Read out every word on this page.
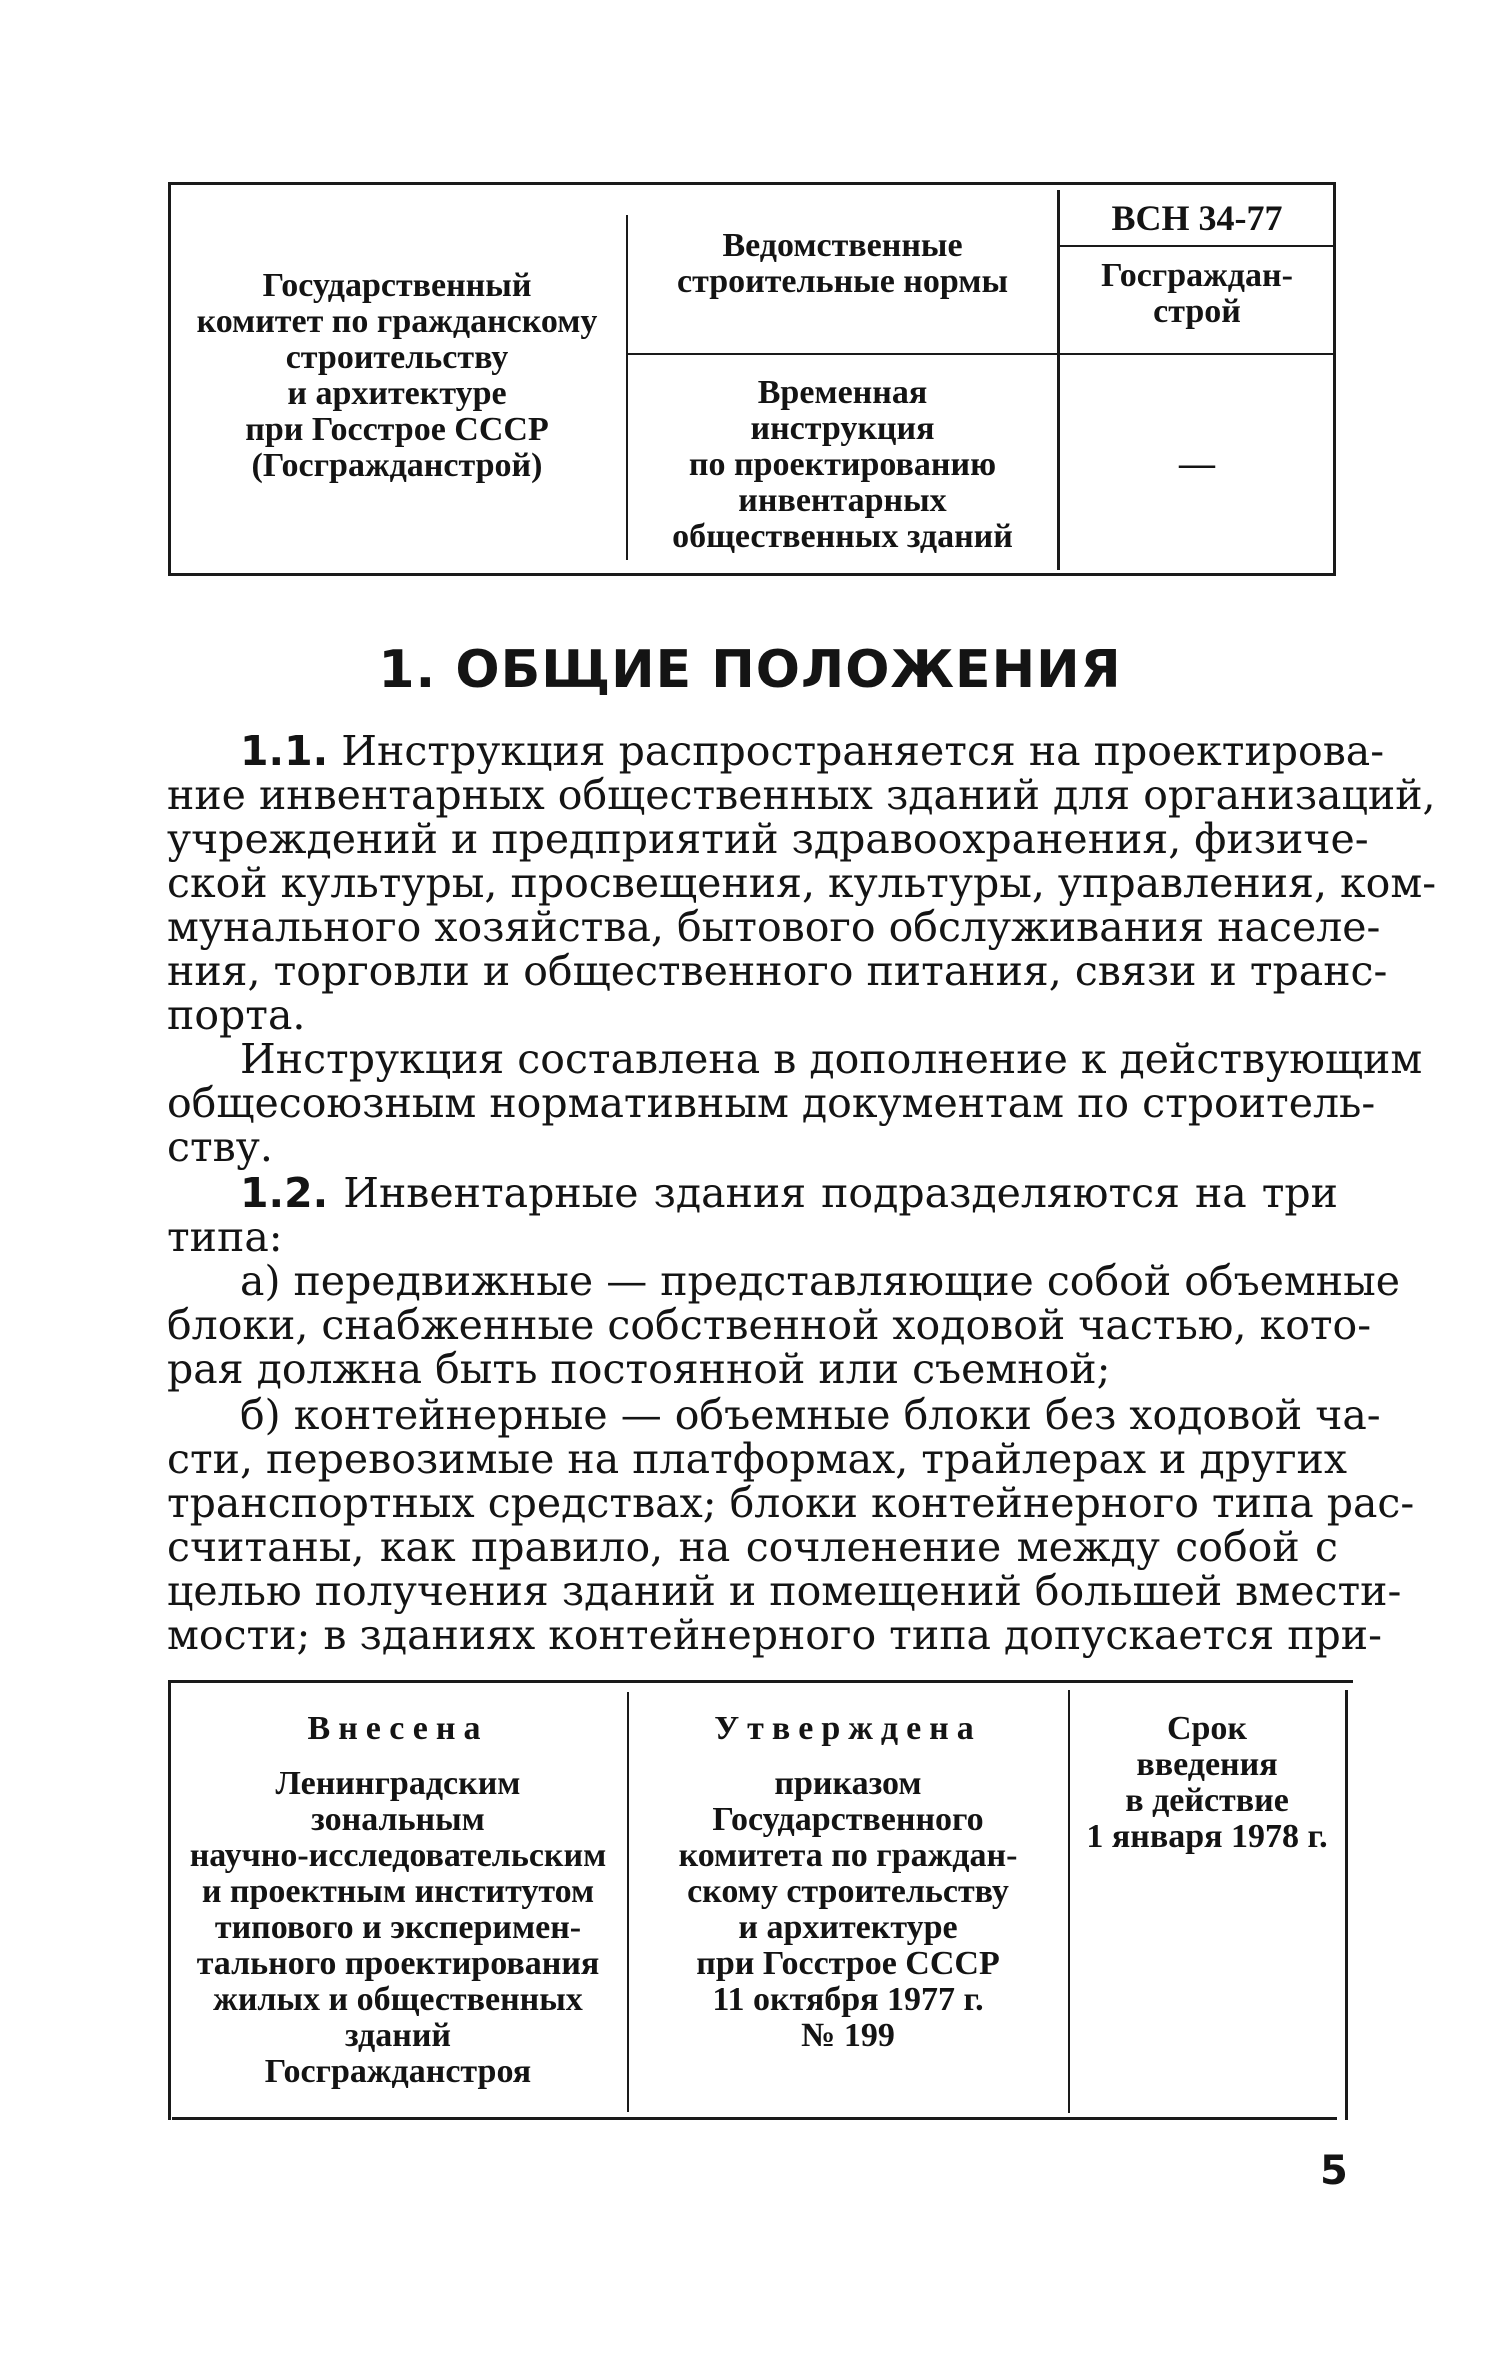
Государственный
комитет по гражданскому
строительству
и архитектуре
при Госстрое СССР
(Госгражданстрой)
Ведомственные
строительные нормы
Временная
инструкция
по проектированию
инвентарных
общественных зданий
ВСН 34-77
Госграждан-
строй
—
1. ОБЩИЕ ПОЛОЖЕНИЯ
1.1. Инструкция распространяется на проектирова-
ние инвентарных общественных зданий для организаций,
учреждений и предприятий здравоохранения, физиче-
ской культуры, просвещения, культуры, управления, ком-
мунального хозяйства, бытового обслуживания населе-
ния, торговли и общественного питания, связи и транс-
порта.
Инструкция составлена в дополнение к действующим
общесоюзным нормативным документам по строитель-
ству.
1.2. Инвентарные здания подразделяются на три
типа:
а) передвижные — представляющие собой объемные
блоки, снабженные собственной ходовой частью, кото-
рая должна быть постоянной или съемной;
б) контейнерные — объемные блоки без ходовой ча-
сти, перевозимые на платформах, трайлерах и других
транспортных средствах; блоки контейнерного типа рас-
считаны, как правило, на сочленение между собой с
целью получения зданий и помещений большей вмести-
мости; в зданиях контейнерного типа допускается при-
Внесена
Ленинградским
зональным
научно-исследовательским
и проектным институтом
типового и эксперимен-
тального проектирования
жилых и общественных
зданий
Госгражданстроя
Утверждена
приказом
Государственного
комитета по граждан-
скому строительству
и архитектуре
при Госстрое СССР
11 октября 1977 г.
№ 199
Срок
введения
в действие
1 января 1978 г.
5
